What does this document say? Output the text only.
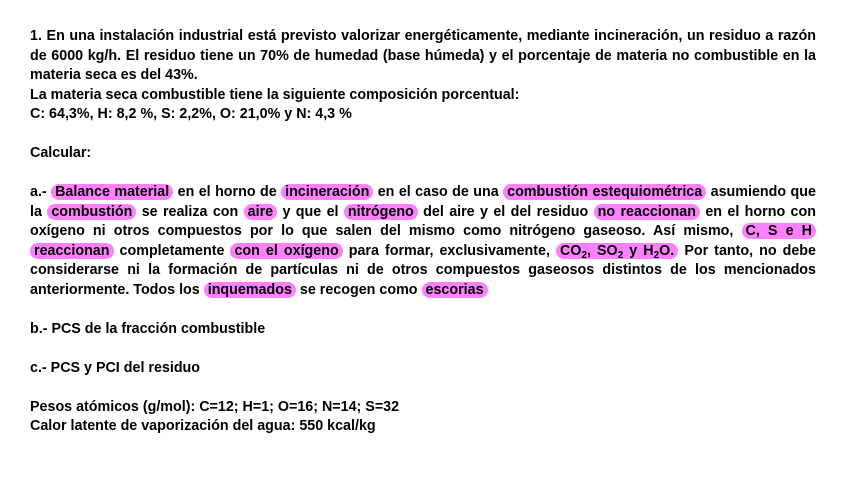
1. En una instalación industrial está previsto valorizar energéticamente, mediante incineración, un residuo a razón de 6000 kg/h. El residuo tiene un 70% de humedad (base húmeda) y el porcentaje de materia no combustible en la materia seca es del 43%.

La materia seca combustible tiene la siguiente composición porcentual:

C: 64,3%, H: 8,2 %, S: 2,2%, O: 21,0% y N: 4,3 %

Calcular:

a.- Balance material en el horno de incineración en el caso de una combustión estequiométrica asumiendo que la combustión se realiza con aire y que el nitrógeno del aire y el del residuo no reaccionan en el horno con oxígeno ni otros compuestos por lo que salen del mismo como nitrógeno gaseoso. Así mismo, C, S e H reaccionan completamente con el oxígeno para formar, exclusivamente, $CO_2$, $SO_2$ y $H_2O$. Por tanto, no debe considerarse ni la formación de partículas ni de otros compuestos gaseosos distintos de los mencionados anteriormente. Todos los inquemados se recogen como escorias

b.- PCS de la fracción combustible

c.- PCS y PCI del residuo

Pesos atómicos (g/mol): C=12; H=1; O=16; N=14; S=32

Calor latente de vaporización del agua: 550 kcal/kg
